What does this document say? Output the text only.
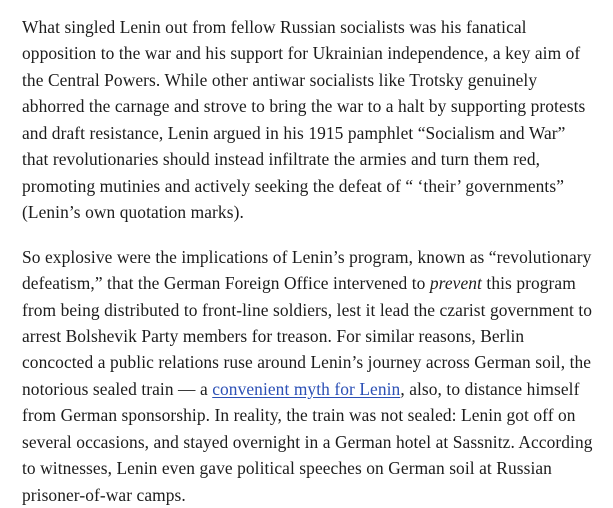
What singled Lenin out from fellow Russian socialists was his fanatical opposition to the war and his support for Ukrainian independence, a key aim of the Central Powers. While other antiwar socialists like Trotsky genuinely abhorred the carnage and strove to bring the war to a halt by supporting protests and draft resistance, Lenin argued in his 1915 pamphlet “Socialism and War” that revolutionaries should instead infiltrate the armies and turn them red, promoting mutinies and actively seeking the defeat of “ ‘their’ governments” (Lenin’s own quotation marks).

So explosive were the implications of Lenin’s program, known as “revolutionary defeatism,” that the German Foreign Office intervened to prevent this program from being distributed to front-line soldiers, lest it lead the czarist government to arrest Bolshevik Party members for treason. For similar reasons, Berlin concocted a public relations ruse around Lenin’s journey across German soil, the notorious sealed train — a convenient myth for Lenin, also, to distance himself from German sponsorship. In reality, the train was not sealed: Lenin got off on several occasions, and stayed overnight in a German hotel at Sassnitz. According to witnesses, Lenin even gave political speeches on German soil at Russian prisoner-of-war camps.
